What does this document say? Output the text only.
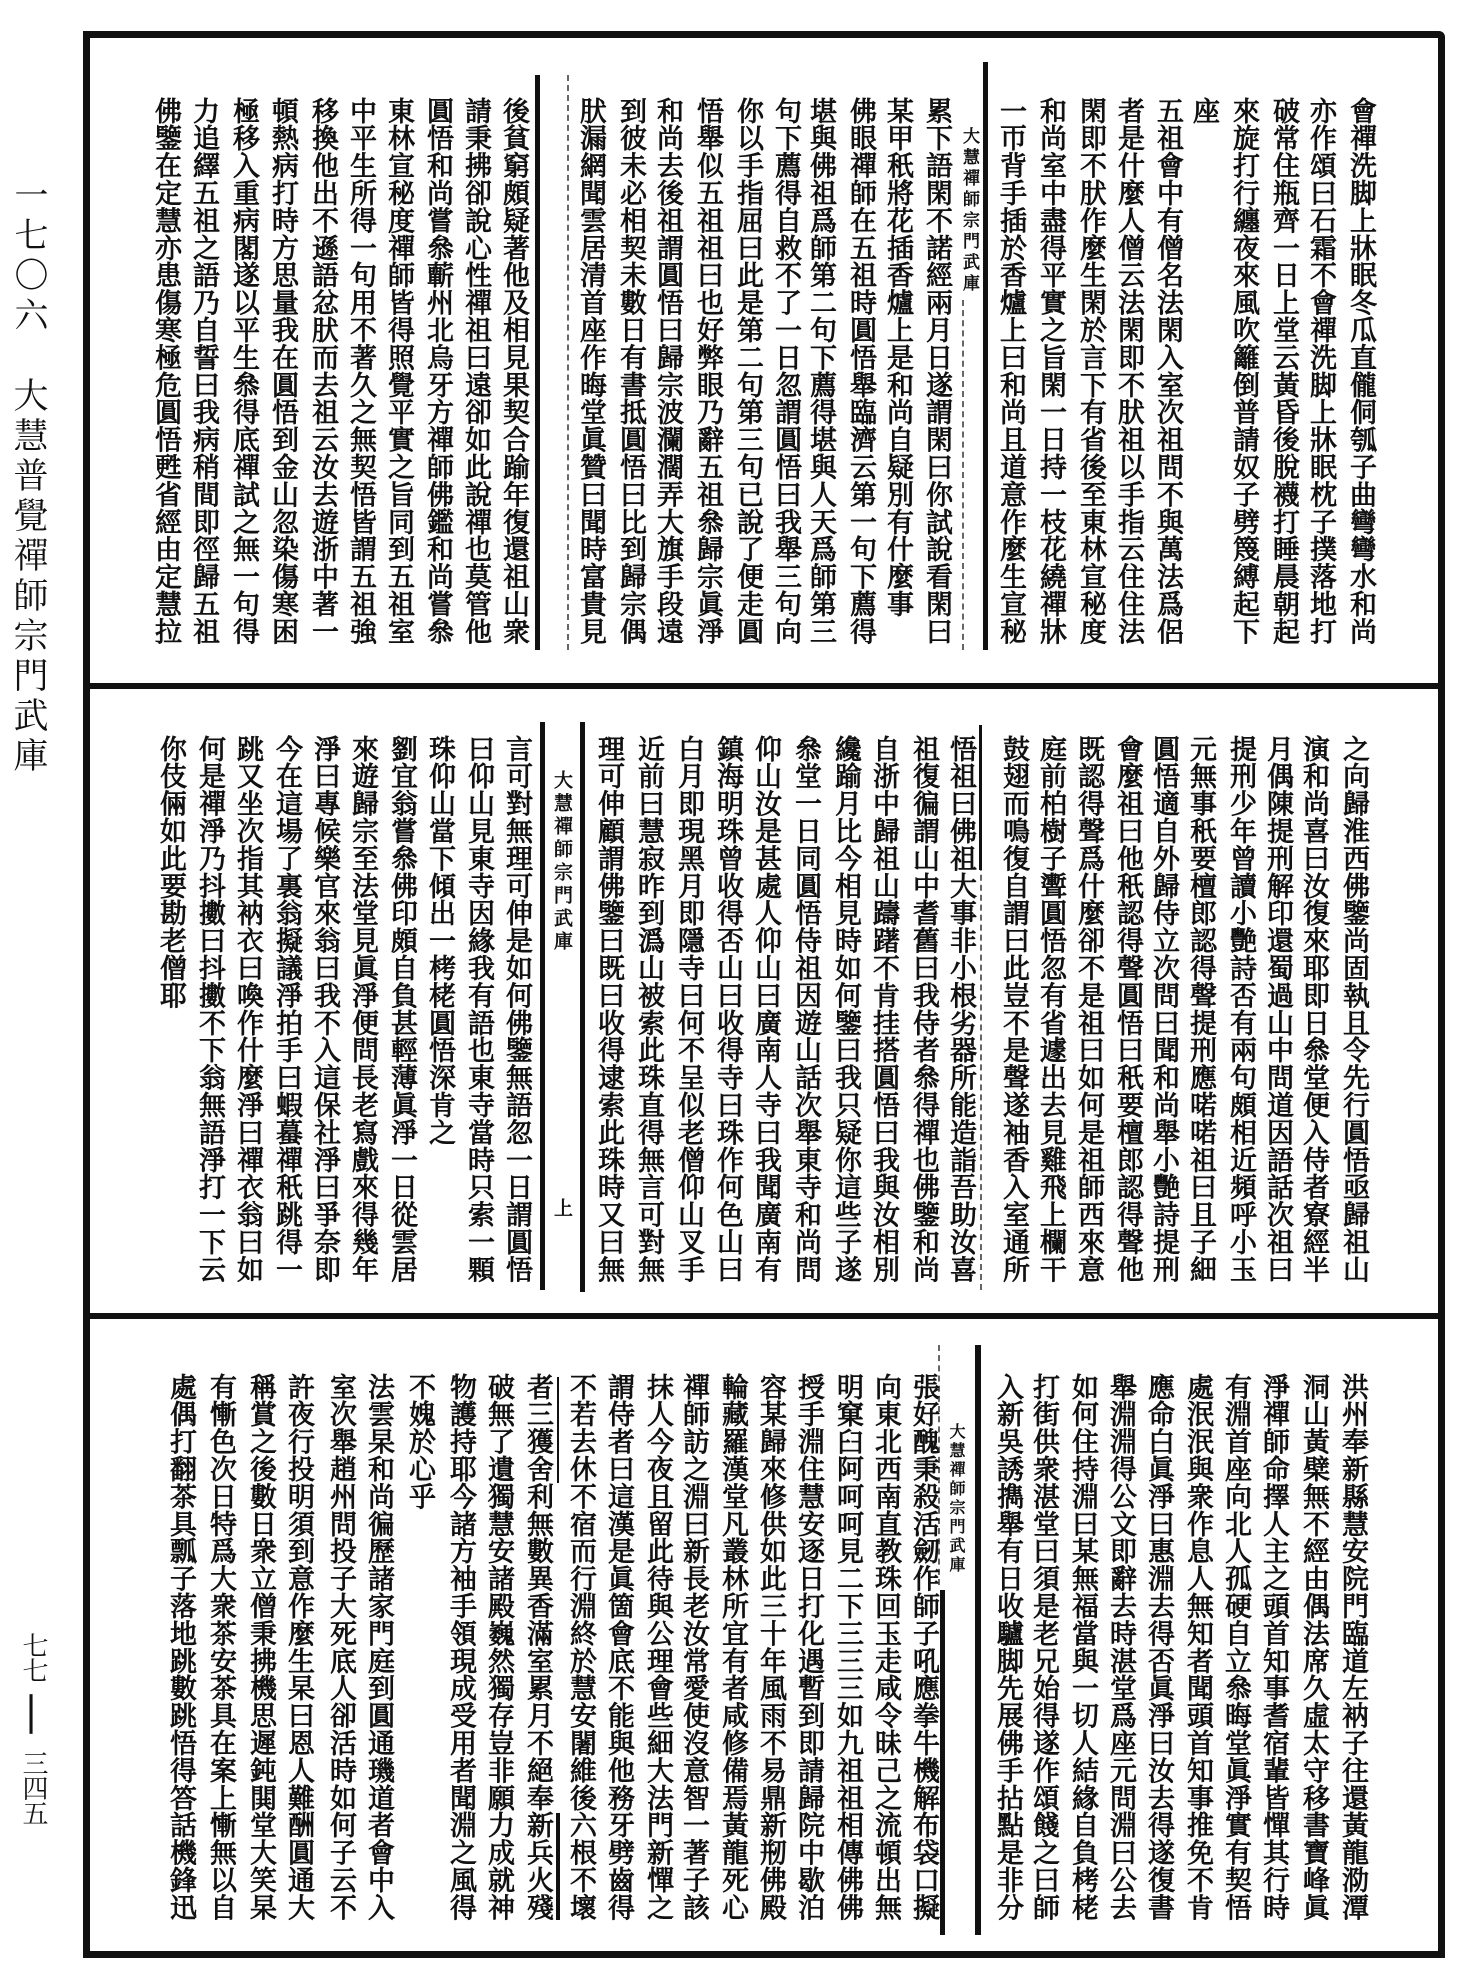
一七〇六
大慧普覺禪師宗門武庫
七七
—
三四五
大慧禪師宗門武庫	會禪洗脚上牀眠冬瓜直儱侗瓠子曲彎彎水和尚
亦作頌曰石霜不會禪洗脚上牀眠枕子撲落地打
破常住瓶齊一日上堂云黃昏後脫襪打睡晨朝起
來旋打行纏夜來風吹籬倒普請奴子劈篾縛起下
座
五祖會中有僧名法閑入室次祖問不與萬法爲侶
者是什麼人僧云法閑即不肰祖以手指云住住法
閑即不肰作麼生閑於言下有省後至東林宣秘度
和尚室中盡得平實之旨閑一日持一枝花繞禪牀
一帀背手插於香爐上曰和尚且道意作麼生宣秘
累下語閑不諾經兩月日遂謂閑曰你試說看閑曰
某甲秖將花插香爐上是和尚自疑別有什麼事
佛眼禪師在五祖時圓悟舉臨濟云第一句下薦得
堪與佛祖爲師第二句下薦得堪與人天爲師第三
句下薦得自救不了一日忽謂圓悟曰我舉三句向
你以手指屈曰此是第二句第三句已說了便走圓
悟舉似五祖祖曰也好弊眼乃辭五祖叅歸宗眞淨
和尚去後祖謂圓悟曰歸宗波瀾濶弄大旗手段遠
到彼未必相契未數日有書抵圓悟曰比到歸宗偶
肰漏網聞雲居清首座作晦堂眞贊曰聞時富貴見
後貧窮頗疑著他及相見果契合踰年復還祖山衆
請秉拂卻說心性禪祖曰遠卻如此說禪也莫管他
圓悟和尚嘗叅蘄州北烏牙方禪師佛鑑和尚嘗叅
東林宣秘度禪師皆得照覺平實之旨同到五祖室
中平生所得一句用不著久之無契悟皆謂五祖強
移換他出不遜語忿肰而去祖云汝去遊浙中著一
頓熱病打時方思量我在圓悟到金山忽染傷寒困
極移入重病閣遂以平生叅得底禪試之無一句得
力追繹五祖之語乃自誓曰我病稍間即徑歸五祖
佛鑒在定慧亦患傷寒極危圓悟甦省經由定慧拉
大慧禪師宗門武庫
上	之向歸淮西佛鑒尚固執且令先行圓悟亟歸祖山
演和尚喜曰汝復來耶即日叅堂便入侍者寮經半
月偶陳提刑解印還蜀過山中問道因語話次祖曰
提刑少年曾讀小艷詩否有兩句頗相近頻呼小玉
元無事秖要檀郎認得聲提刑應喏喏祖曰且子細
圓悟適自外歸侍立次問曰聞和尚舉小艷詩提刑
會麼祖曰他秖認得聲圓悟曰秖要檀郎認得聲他
既認得聲爲什麼卻不是祖曰如何是祖師西來意
庭前柏樹子聻圓悟忽有省遽出去見雞飛上欄干
鼓翅而鳴復自謂曰此豈不是聲遂袖香入室通所
悟祖曰佛祖大事非小根劣器所能造詣吾助汝喜
祖復徧謂山中耆舊曰我侍者叅得禪也佛鑒和尚
自浙中歸祖山躊躇不肯挂搭圓悟曰我與汝相別
纔踰月比今相見時如何鑒曰我只疑你這些子遂
叅堂一日同圓悟侍祖因遊山話次舉東寺和尚問
仰山汝是甚處人仰山曰廣南人寺曰我聞廣南有
鎮海明珠曾收得否山曰收得寺曰珠作何色山曰
白月即現黑月即隱寺曰何不呈似老僧仰山叉手
近前曰慧寂昨到潙山被索此珠直得無言可對無
理可伸顧謂佛鑒曰既曰收得逮索此珠時又曰無
言可對無理可伸是如何佛鑒無語忽一日謂圓悟
曰仰山見東寺因緣我有語也東寺當時只索一顆
珠仰山當下傾出一栲栳圓悟深肯之
劉宜翁嘗叅佛印頗自負甚輕薄眞淨一日從雲居
來遊歸宗至法堂見眞淨便問長老寫戲來得幾年
淨曰專候樂官來翁曰我不入這保社淨曰爭奈即
今在這場了裏翁擬議淨拍手曰蝦蟇禪秖跳得一
跳又坐次指其衲衣曰喚作什麼淨曰禪衣翁曰如
何是禪淨乃抖擻曰抖擻不下翁無語淨打一下云
你伎倆如此要勘老僧耶
大慧禪師宗門武庫	洪州奉新縣慧安院門臨道左衲子往還黃龍泐潭
洞山黃檗無不經由偶法席久虛太守移書寶峰眞
淨禪師命擇人主之頭首知事耆宿輩皆憚其行時
有淵首座向北人孤硬自立叅晦堂眞淨實有契悟
處泯泯與衆作息人無知者聞頭首知事推免不肯
應命白眞淨曰惠淵去得否眞淨曰汝去得遂復書
舉淵淵得公文即辭去時湛堂爲座元問淵曰公去
如何住持淵曰某無福當與一切人結緣自負栲栳
打街供衆湛堂曰須是老兄始得遂作頌餞之曰師
入新吳誘擕舉有日收驢脚先展佛手拈點是非分
張好醜秉殺活劒作師子吼應拳牛機解布袋口擬
向東北西南直教珠回玉走咸令昧己之流頓出無
明窠臼阿呵呵見二下三三三如九祖祖相傳佛佛
授手淵住慧安逐日打化遇暫到即請歸院中歇泊
容某歸來修供如此三十年風雨不易鼎新剏佛殿
輪藏羅漢堂凡叢林所宜有者咸修備焉黃龍死心
禪師訪之淵曰新長老汝常愛使沒意智一著子該
抹人今夜且留此待與公理會些細大法門新憚之
謂侍者曰這漢是眞箇會底不能與他務牙劈齒得
不若去休不宿而行淵終於慧安闍維後六根不壞
者三獲舍利無數異香滿室累月不絕奉新兵火殘
破無了遺獨慧安諸殿巍然獨存豈非願力成就神
物護持耶今諸方袖手領現成受用者聞淵之風得
不媿於心乎
法雲杲和尚徧歷諸家門庭到圓通璣道者會中入
室次舉趙州問投子大死底人卻活時如何子云不
許夜行投明須到意作麼生杲曰恩人難酬圓通大
稱賞之後數日衆立僧秉拂機思遲鈍閧堂大笑杲
有慚色次日特爲大衆茶安茶具在案上慚無以自
處偶打翻茶具瓢子落地跳數跳悟得答話機鋒迅
